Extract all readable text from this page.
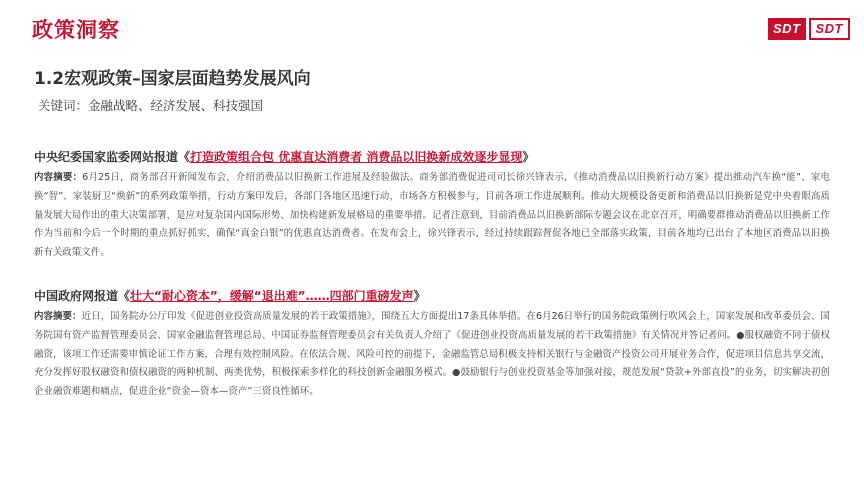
政策洞察	SDT	SDT
1.2宏观政策–国家层面趋势发展风向
关键词：金融战略、经济发展、科技强国
中央纪委国家监委网站报道《打造政策组合包 优惠直达消费者 消费品以旧换新成效逐步显现》
内容摘要：6月25日，商务部召开新闻发布会，介绍消费品以旧换新工作进展及经验做法。商务部消费促进司司长徐兴锋表示，《推动消费品以旧换新行动方案》提出推动汽车换“能”、家电换“智”、家装厨卫“焕新”的系列政策举措，行动方案印发后，各部门各地区迅速行动，市场各方积极参与，目前各项工作进展顺利。推动大规模设备更新和消费品以旧换新是党中央着眼高质量发展大局作出的重大决策部署，是应对复杂国内国际形势、加快构建新发展格局的重要举措。记者注意到，目前消费品以旧换新部际专题会议在北京召开，明确要群推动消费品以旧换新工作作为当前和今后一个时期的重点抓好抓实，确保“真金白银”的优惠直达消费者。在发布会上，徐兴锋表示，经过持续跟踪督促各地已全部落实政策，目前各地均已出台了本地区消费品以旧换新有关政策文件。
中国政府网报道《壮大“耐心资本”，缓解“退出难”……四部门重磅发声》
内容摘要：近日，国务院办公厅印发《促进创业投资高质量发展的若干政策措施》，围绕五大方面提出17条具体举措。在6月26日举行的国务院政策例行吹风会上，国家发展和改革委员会、国务院国有资产监督管理委员会、国家金融监督管理总局、中国证券监督管理委员会有关负责人介绍了《促进创业投资高质量发展的若干政策措施》有关情况并答记者问。●服权融资不同于债权融资，该项工作还需要审慎论证工作方案，合理有效控制风险。在依法合规、风险可控的前提下，金融监管总局积极支持相关银行与金融资产投资公司开展业务合作，促进项目信息共享交流，充分发挥好股权融资和债权融资的两种机制、两类优势，积极探索多样化的科技创新金融服务模式。●鼓励银行与创业投资基金等加强对接，规范发展“贷款+外部直投”的业务，切实解决初创企业融资难题和痛点，促进企业“资金—资本—资产”三资良性循环。
